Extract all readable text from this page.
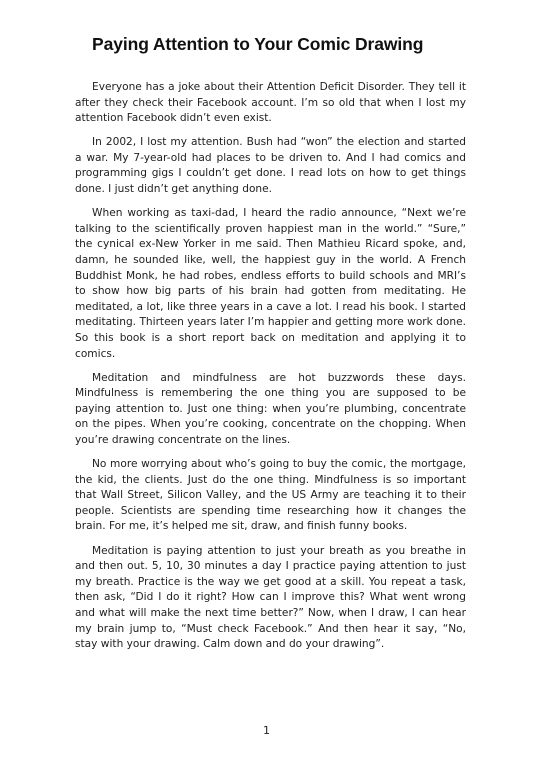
Paying Attention to Your Comic Drawing

Everyone has a joke about their Attention Deficit Disorder. They tell it after they check their Facebook account. I’m so old that when I lost my attention Facebook didn’t even exist.

In 2002, I lost my attention. Bush had “won” the election and started a war. My 7-year-old had places to be driven to. And I had comics and programming gigs I couldn’t get done. I read lots on how to get things done. I just didn’t get anything done.

When working as taxi-dad, I heard the radio announce, “Next we’re talking to the scientifically proven happiest man in the world.” “Sure,” the cynical ex-New Yorker in me said. Then Mathieu Ricard spoke, and, damn, he sounded like, well, the happiest guy in the world. A French Buddhist Monk, he had robes, endless efforts to build schools and MRI’s to show how big parts of his brain had gotten from meditating. He meditated, a lot, like three years in a cave a lot. I read his book. I started meditating. Thirteen years later I’m happier and getting more work done. So this book is a short report back on meditation and applying it to comics.

Meditation and mindfulness are hot buzzwords these days. Mindfulness is remembering the one thing you are supposed to be paying attention to. Just one thing: when you’re plumbing, concentrate on the pipes. When you’re cooking, concentrate on the chopping. When you’re drawing concentrate on the lines.

No more worrying about who’s going to buy the comic, the mortgage, the kid, the clients. Just do the one thing. Mindfulness is so important that Wall Street, Silicon Valley, and the US Army are teaching it to their people. Scientists are spending time researching how it changes the brain. For me, it’s helped me sit, draw, and finish funny books.

Meditation is paying attention to just your breath as you breathe in and then out. 5, 10, 30 minutes a day I practice paying attention to just my breath. Practice is the way we get good at a skill. You repeat a task, then ask, “Did I do it right? How can I improve this? What went wrong and what will make the next time better?” Now, when I draw, I can hear my brain jump to, “Must check Facebook.” And then hear it say, “No, stay with your drawing. Calm down and do your drawing”.

1
